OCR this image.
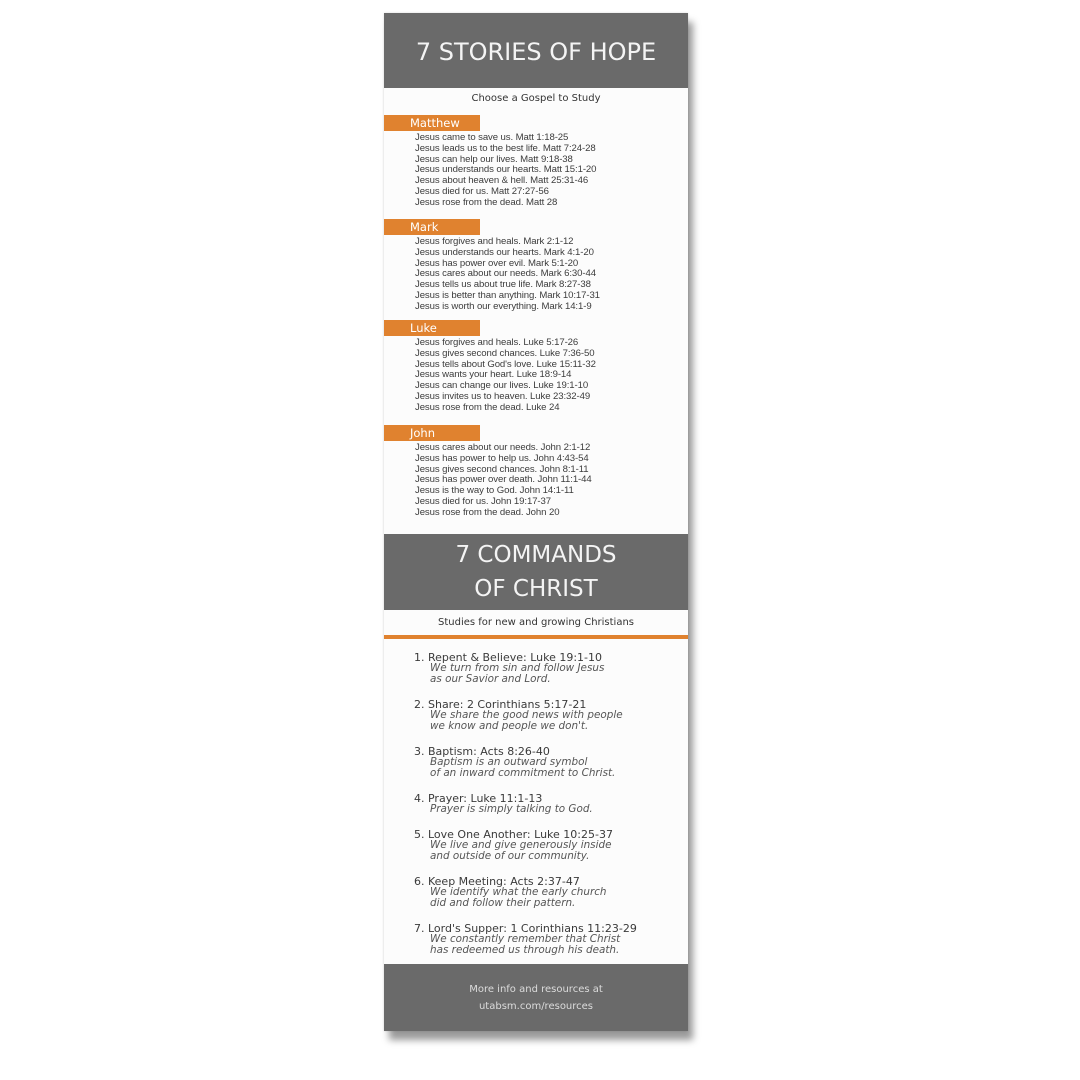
7 STORIES OF HOPE
Choose a Gospel to Study
Matthew
Jesus came to save us. Matt 1:18-25
Jesus leads us to the best life. Matt 7:24-28
Jesus can help our lives. Matt 9:18-38
Jesus understands our hearts. Matt 15:1-20
Jesus about heaven & hell. Matt 25:31-46
Jesus died for us. Matt 27:27-56
Jesus rose from the dead. Matt 28
Mark
Jesus forgives and heals. Mark 2:1-12
Jesus understands our hearts. Mark 4:1-20
Jesus has power over evil. Mark 5:1-20
Jesus cares about our needs. Mark 6:30-44
Jesus tells us about true life. Mark 8:27-38
Jesus is better than anything. Mark 10:17-31
Jesus is worth our everything. Mark 14:1-9
Luke
Jesus forgives and heals. Luke 5:17-26
Jesus gives second chances. Luke 7:36-50
Jesus tells about God's love. Luke 15:11-32
Jesus wants your heart. Luke 18:9-14
Jesus can change our lives. Luke 19:1-10
Jesus invites us to heaven. Luke 23:32-49
Jesus rose from the dead. Luke 24
John
Jesus cares about our needs. John 2:1-12
Jesus has power to help us. John 4:43-54
Jesus gives second chances. John 8:1-11
Jesus has power over death. John 11:1-44
Jesus is the way to God. John 14:1-11
Jesus died for us. John 19:17-37
Jesus rose from the dead. John 20
7 COMMANDS
OF CHRIST
Studies for new and growing Christians
1. Repent & Believe: Luke 19:1-10
We turn from sin and follow Jesus
as our Savior and Lord.
2. Share: 2 Corinthians 5:17-21
We share the good news with people
we know and people we don't.
3. Baptism: Acts 8:26-40
Baptism is an outward symbol
of an inward commitment to Christ.
4. Prayer: Luke 11:1-13
Prayer is simply talking to God.
5. Love One Another: Luke 10:25-37
We live and give generously inside
and outside of our community.
6. Keep Meeting: Acts 2:37-47
We identify what the early church
did and follow their pattern.
7. Lord's Supper: 1 Corinthians 11:23-29
We constantly remember that Christ
has redeemed us through his death.
More info and resources at
utabsm.com/resources
